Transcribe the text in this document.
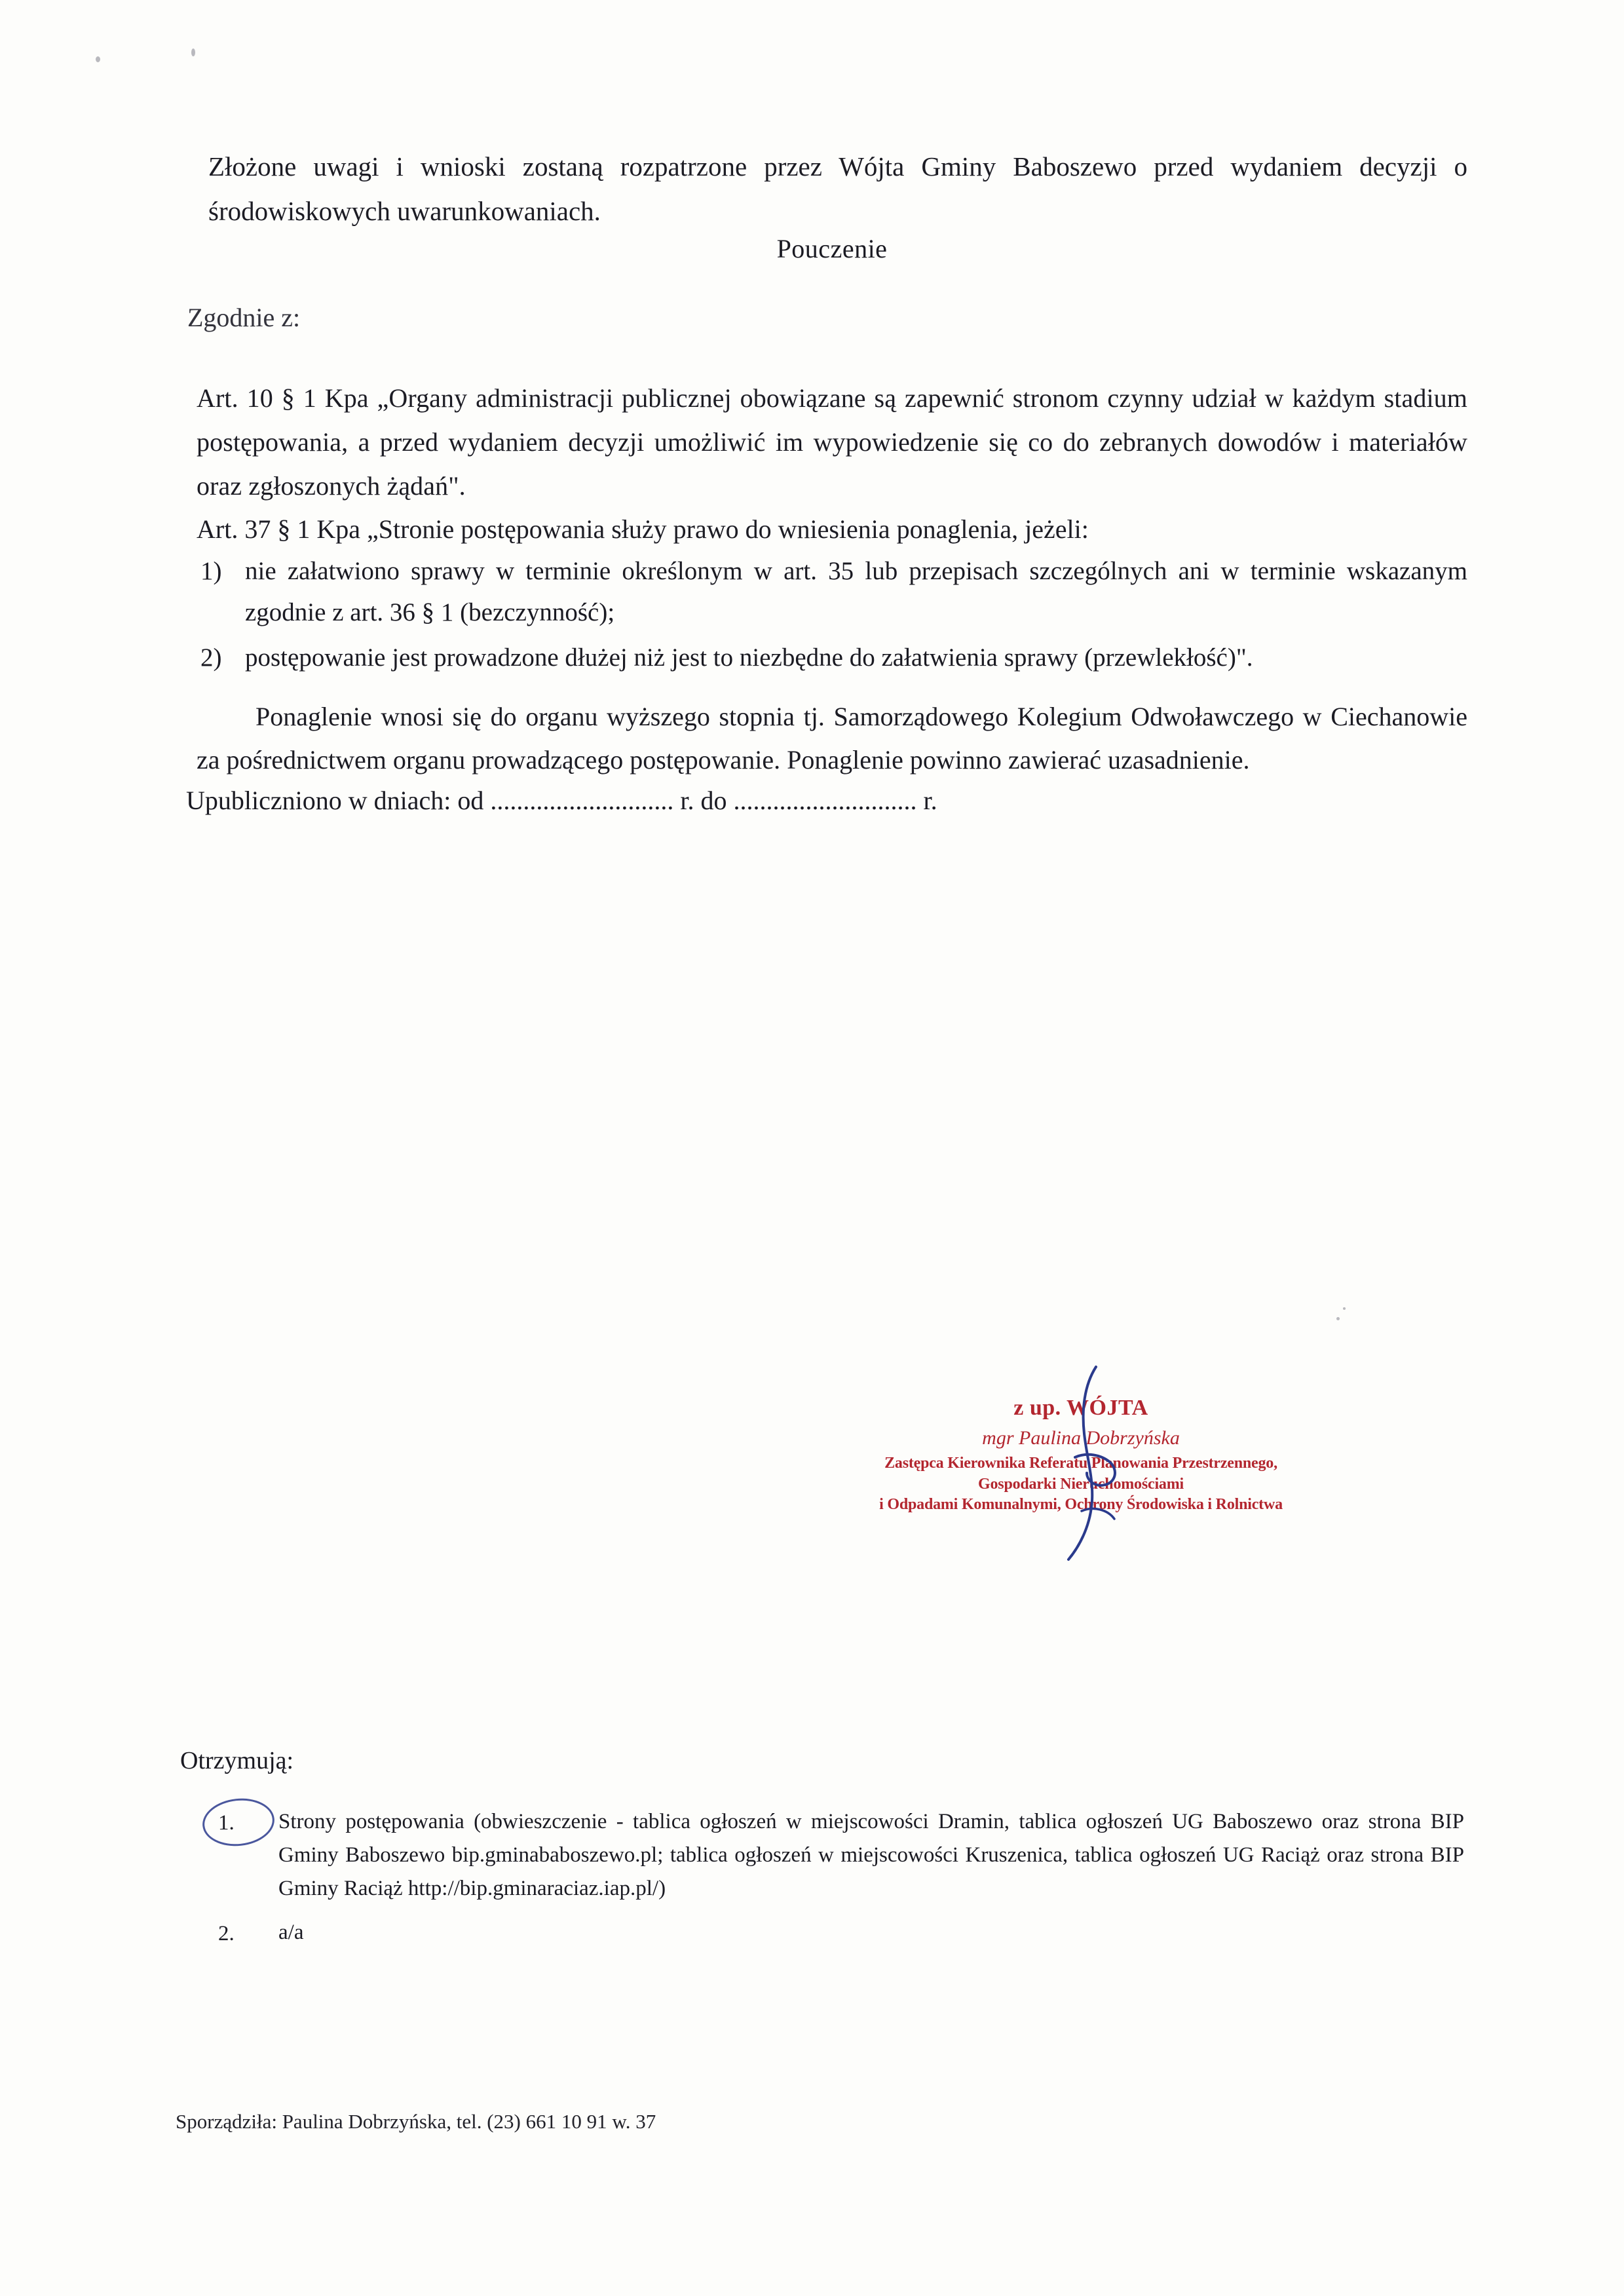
Złożone uwagi i wnioski zostaną rozpatrzone przez Wójta Gminy Baboszewo przed wydaniem decyzji o środowiskowych uwarunkowaniach.
Pouczenie
Zgodnie z:
Art. 10 § 1 Kpa „Organy administracji publicznej obowiązane są zapewnić stronom czynny udział w każdym stadium postępowania, a przed wydaniem decyzji umożliwić im wypowiedzenie się co do zebranych dowodów i materiałów oraz zgłoszonych żądań".
Art. 37 § 1 Kpa „Stronie postępowania służy prawo do wniesienia ponaglenia, jeżeli:
1) nie załatwiono sprawy w terminie określonym w art. 35 lub przepisach szczególnych ani w terminie wskazanym zgodnie z art. 36 § 1 (bezczynność);
2) postępowanie jest prowadzone dłużej niż jest to niezbędne do załatwienia sprawy (przewlekłość)".
Ponaglenie wnosi się do organu wyższego stopnia tj. Samorządowego Kolegium Odwoławczego w Ciechanowie za pośrednictwem organu prowadzącego postępowanie. Ponaglenie powinno zawierać uzasadnienie.
Upubliczniono w dniach: od ............................ r. do ............................ r.
z up. WÓJTA
mgr Paulina Dobrzyńska
Zastępca Kierownika Referatu Planowania Przestrzennego,
Gospodarki Nieruchomościami
i Odpadami Komunalnymi, Ochrony Środowiska i Rolnictwa
Otrzymują:
1. Strony postępowania (obwieszczenie - tablica ogłoszeń w miejscowości Dramin, tablica ogłoszeń UG Baboszewo oraz strona BIP Gminy Baboszewo bip.gminababoszewo.pl; tablica ogłoszeń w miejscowości Kruszenica, tablica ogłoszeń UG Raciąż oraz strona BIP Gminy Raciąż http://bip.gminaraciaz.iap.pl/)
2. a/a
Sporządziła: Paulina Dobrzyńska, tel. (23) 661 10 91 w. 37
